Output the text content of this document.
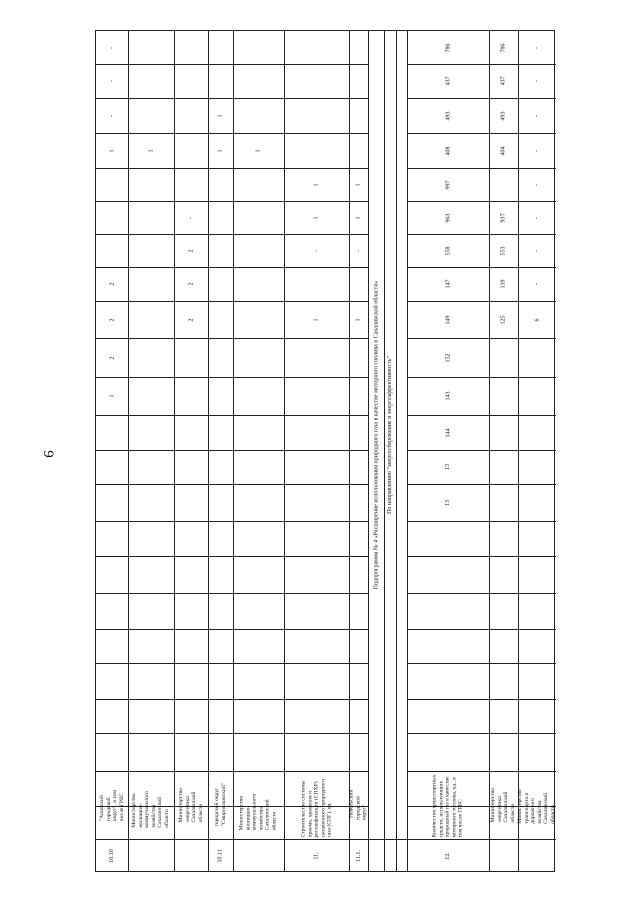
9	Подпрограмма № 4 «Расширение использования природного газа в качестве моторного топлива в Сахалинской области» По направлению "энергосбережение и энергоэффективность"
10.10
"Анивский городской округ", в том числе ГРБС
-
-
-
1
2
2
2
1
Министерство жилищно-коммунального хозяйства Сахалинской области
1
Министерство энергетики Сахалинской области
-
2
2
2
10.11
городской округ "Смирныховский"
1
1
Министерство жилищно-коммунального хозяйства Сахалинской области
1
11.
Строительство системы приема, хранения и регазификации (СПХР) сжиженного природного газа (СПГ), ед.
1
1
-
1
11.1.
"Невельский городской округ"
1
1
-
1
12.
Количество транспортных средств, использующих природный газ в качестве моторного топлива, ед., в том числе ГРБС
786
437
493
408
997
963
558
147
149
152
143
144
13
13
Министерство энергетики Сахалинской области
786
437
493
404
937
553
139
125
Министерство транспорта и дорожного хозяйства Сахалинской области
-
-
-
-
-
-
-
-
6
